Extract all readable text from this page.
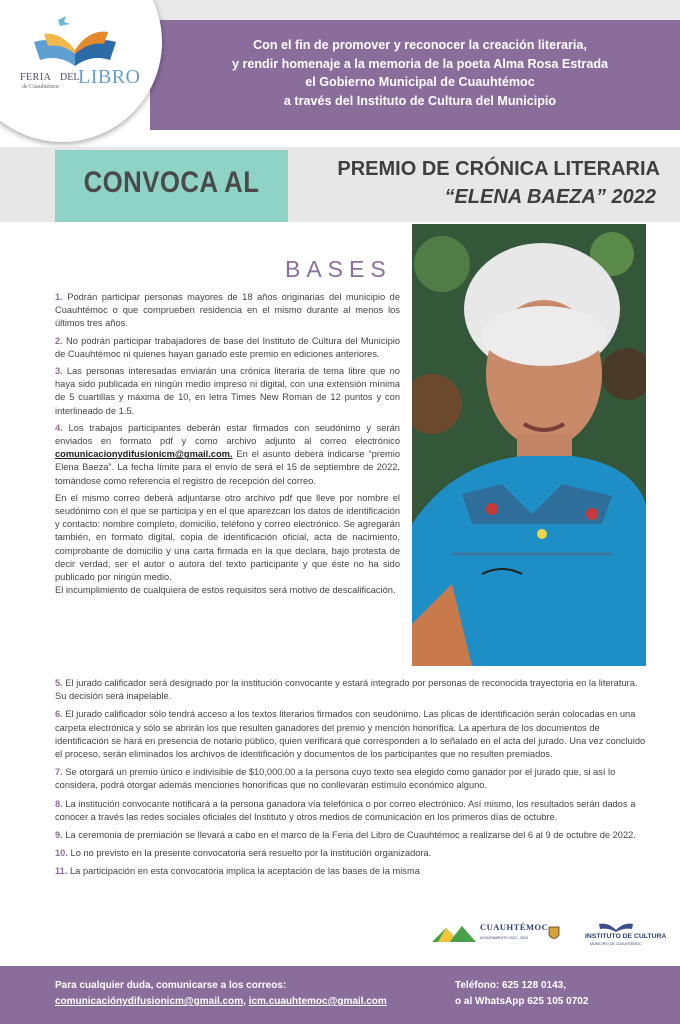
Con el fin de promover y reconocer la creación literaria,
y rendir homenaje a la memoria de la poeta Alma Rosa Estrada
el Gobierno Municipal de Cuauhtémoc
a través del Instituto de Cultura del Municipio
FERIA DEL
LIBRO
de Cuauhtémoc
CONVOCA AL	PREMIO DE CRÓNICA LITERARIA
“ELENA BAEZA” 2022
BASES
1. Podrán participar personas mayores de 18 años originarias del municipio de Cuauhtémoc o que comprueben residencia en el mismo durante al menos los últimos tres años.
2. No podrán participar trabajadores de base del Instituto de Cultura del Municipio de Cuauhtémoc ni quienes hayan ganado este premio en ediciones anteriores.
3. Las personas interesadas enviarán una crónica literaria de tema libre que no haya sido publicada en ningún medio impreso ni digital, con una extensión mínima de 5 cuartillas y máxima de 10, en letra Times New Roman de 12 puntos y con interlineado de 1.5.
4. Los trabajos participantes deberán estar firmados con seudónimo y serán enviados en formato pdf y como archivo adjunto al correo electrónico comunicacionydifusionicm@gmail.com. En el asunto deberá indicarse “premio Elena Baeza”. La fecha límite para el envío de será el 15 de septiembre de 2022, tomándose como referencia el registro de recepción del correo.
En el mismo correo deberá adjuntarse otro archivo pdf que lleve por nombre el seudónimo con el que se participa y en el que aparezcan los datos de identificación y contacto: nombre completo, domicilio, teléfono y correo electrónico. Se agregarán también, en formato digital, copia de identificación oficial, acta de nacimiento, comprobante de domicilio y una carta firmada en la que declara, bajo protesta de decir verdad, ser el autor o autora del texto participante y que éste no ha sido publicado por ningún medio.
El incumplimiento de cualquiera de estos requisitos será motivo de descalificación.
5. El jurado calificador será designado por la institución convocante y estará integrado por personas de reconocida trayectoria en la literatura. Su decisión será inapelable.
6. El jurado calificador sólo tendrá acceso a los textos literarios firmados con seudónimo. Las plicas de identificación serán colocadas en una carpeta electrónica y sólo se abrirán los que resulten ganadores del premio y mención honorífica. La apertura de los documentos de identificación se hará en presencia de notario público, quien verificará que corresponden a lo señalado en el acta del jurado. Una vez concluido el proceso, serán eliminados los archivos de identificación y documentos de los participantes que no resulten premiados.
7. Se otorgará un premio único e indivisible de $10,000.00 a la persona cuyo texto sea elegido como ganador por el jurado que, si así lo considera, podrá otorgar además menciones honoríficas que no conllevarán estímulo económico alguno.
8. La institución convocante notificará a la persona ganadora vía telefónica o por correo electrónico. Así mismo, los resultados serán dados a conocer a través las redes sociales oficiales del Instituto y otros medios de comunicación en los primeros días de octubre.
9. La ceremonia de premiación se llevará a cabo en el marco de la Feria del Libro de Cuauhtémoc a realizarse del 6 al 9 de octubre de 2022.
10. Lo no previsto en la presente convocatoria será resuelto por la institución organizadora.
11. La participación en esta convocatoria implica la aceptación de las bases de la misma
CUAUHTÉMOC
AYUNTAMIENTO 2021 - 2024	INSTITUTO DE CULTURA
MUNICIPIO DE CUAUHTÉMOC
Para cualquier duda, comunicarse a los correos:
comunicaciónydifusionicm@gmail.com, icm.cuauhtemoc@gmail.com
Teléfono: 625 128 0143,
o al WhatsApp 625 105 0702
